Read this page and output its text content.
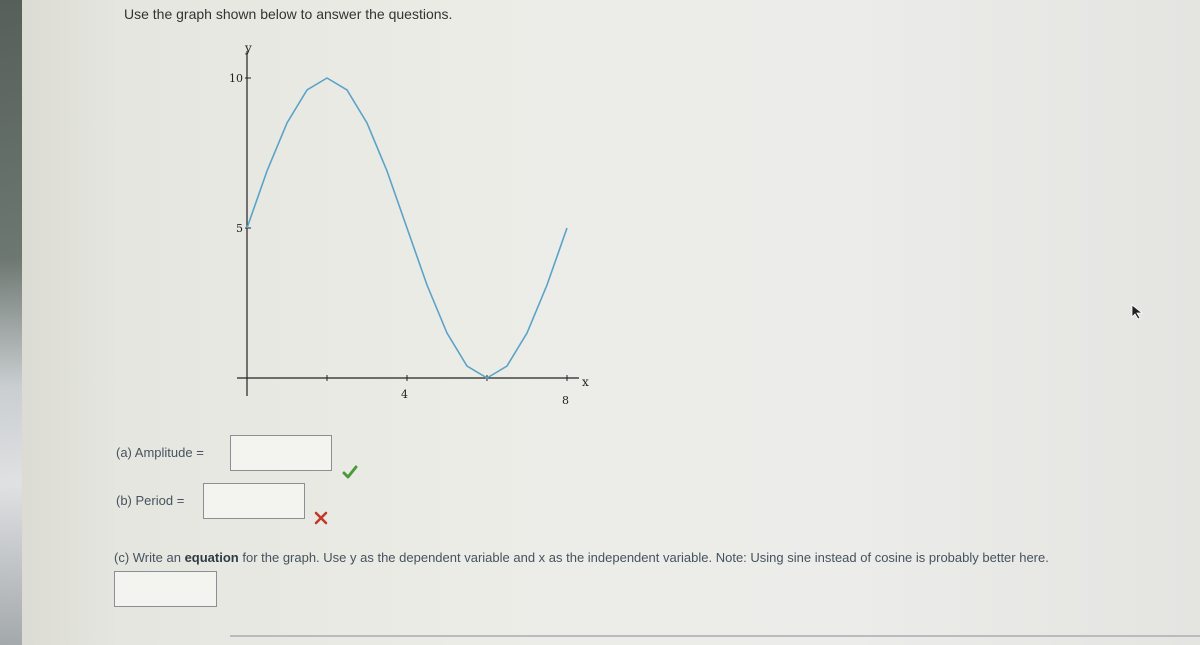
Use the graph shown below to answer the questions.
y
x
10
5
4	8
(a) Amplitude =
(b) Period =
(c) Write an equation for the graph. Use y as the dependent variable and x as the independent variable. Note: Using sine instead of cosine is probably better here.
